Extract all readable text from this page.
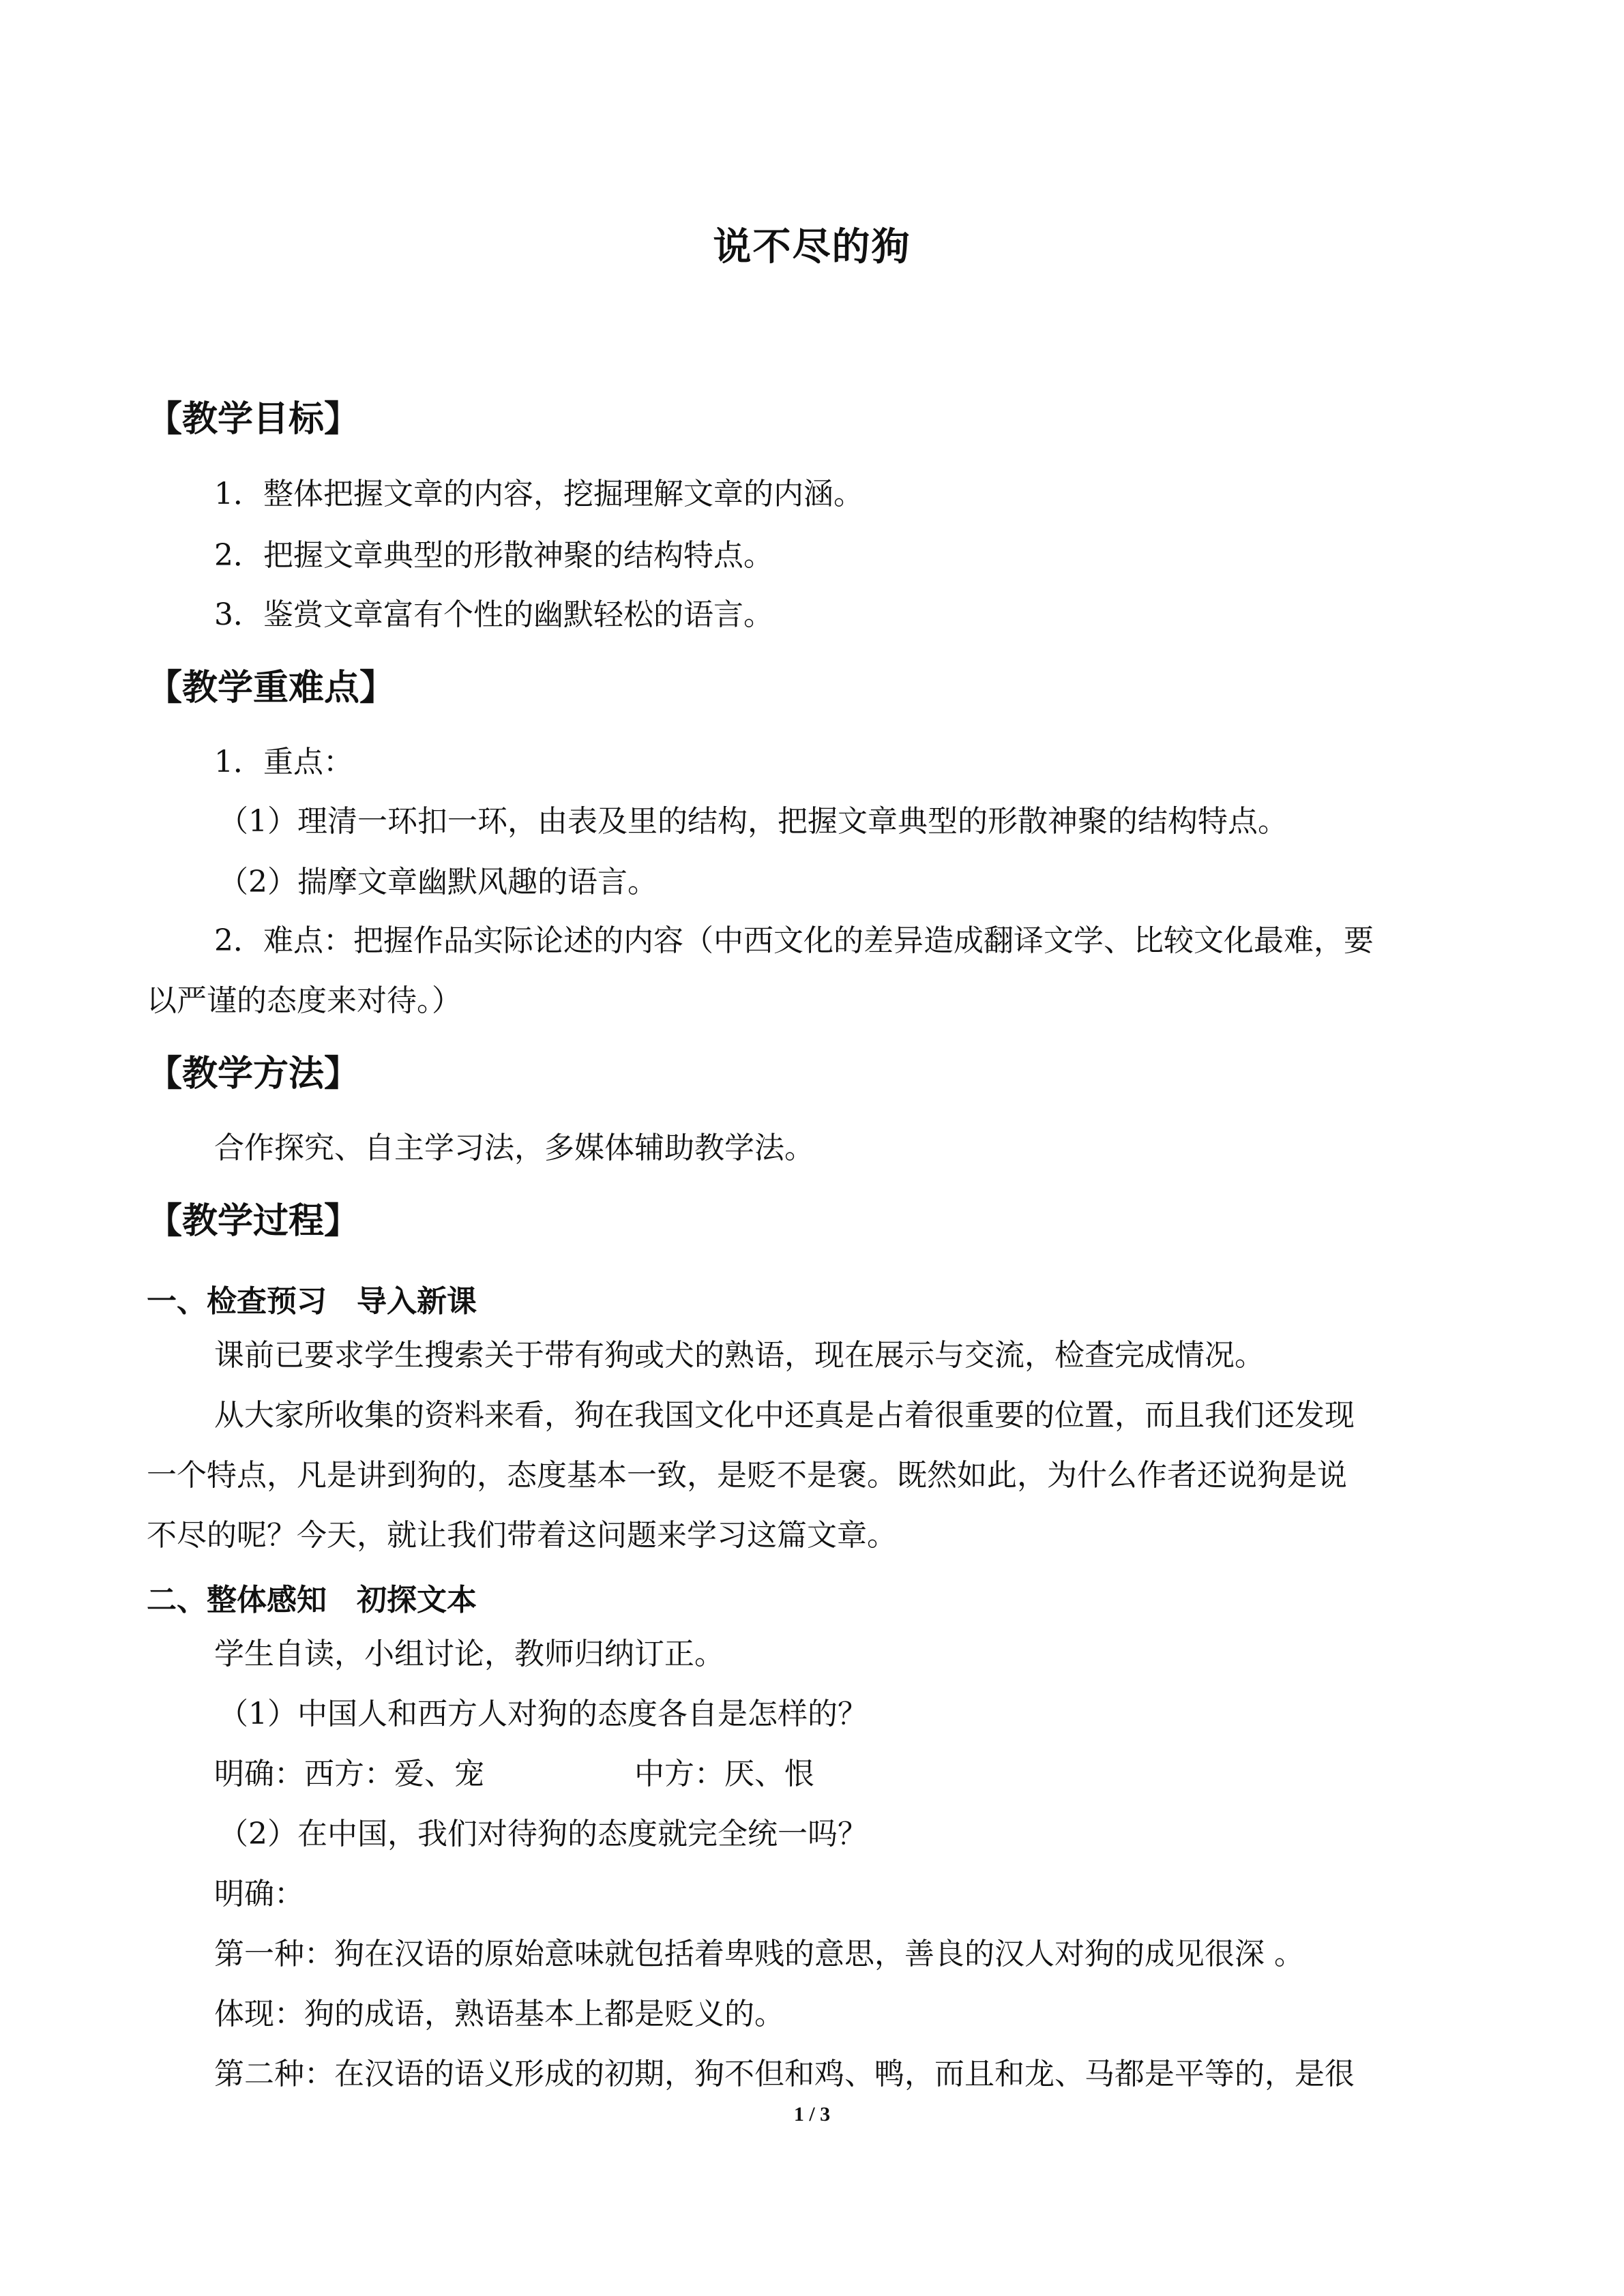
说不尽的狗
【教学目标】
1．整体把握文章的内容，挖掘理解文章的内涵。
2．把握文章典型的形散神聚的结构特点。
3．鉴赏文章富有个性的幽默轻松的语言。
【教学重难点】
1．重点：
（1）理清一环扣一环，由表及里的结构，把握文章典型的形散神聚的结构特点。
（2）揣摩文章幽默风趣的语言。
2．难点：把握作品实际论述的内容（中西文化的差异造成翻译文学、比较文化最难，要
以严谨的态度来对待。）
【教学方法】
合作探究、自主学习法，多媒体辅助教学法。
【教学过程】
一、检查预习　导入新课
课前已要求学生搜索关于带有狗或犬的熟语，现在展示与交流，检查完成情况。
从大家所收集的资料来看，狗在我国文化中还真是占着很重要的位置，而且我们还发现
一个特点，凡是讲到狗的，态度基本一致，是贬不是褒。既然如此，为什么作者还说狗是说
不尽的呢？今天，就让我们带着这问题来学习这篇文章。
二、整体感知　初探文本
学生自读，小组讨论，教师归纳订正。
（1）中国人和西方人对狗的态度各自是怎样的？
明确：西方：爱、宠	中方：厌、恨
（2）在中国，我们对待狗的态度就完全统一吗？
明确：
第一种：狗在汉语的原始意味就包括着卑贱的意思，善良的汉人对狗的成见很深 。
体现：狗的成语，熟语基本上都是贬义的。
第二种：在汉语的语义形成的初期，狗不但和鸡、鸭，而且和龙、马都是平等的，是很
1 / 3
